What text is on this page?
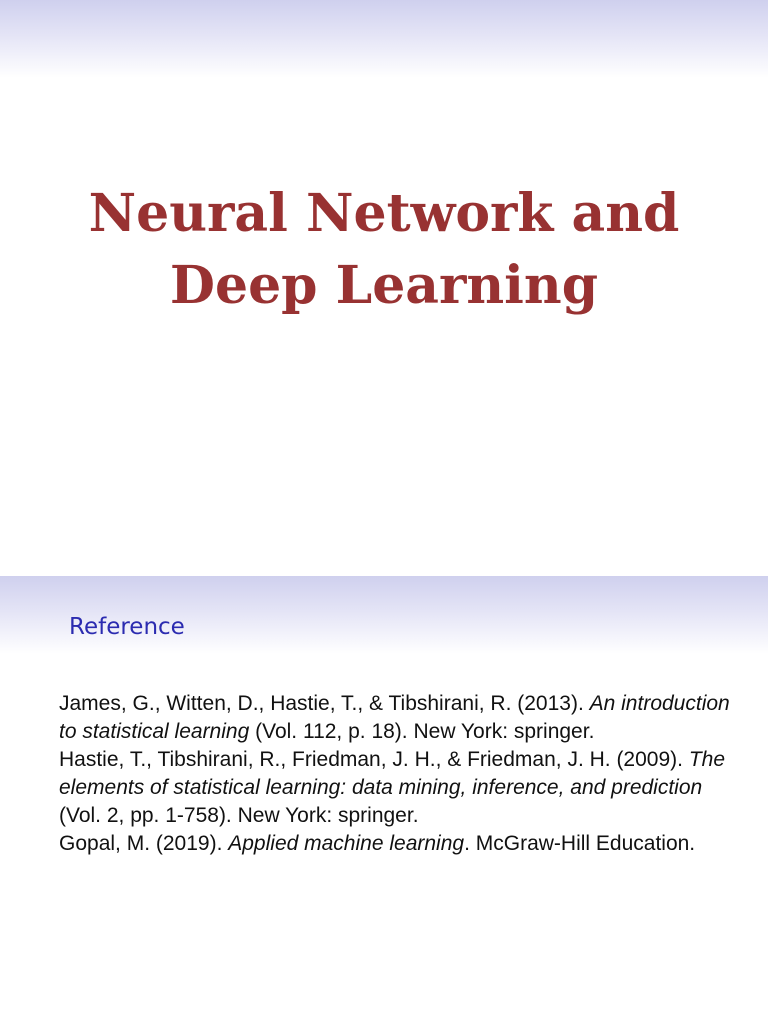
Neural Network and
Deep Learning
Reference

James, G., Witten, D., Hastie, T., & Tibshirani, R. (2013). An introduction to statistical learning (Vol. 112, p. 18). New York: springer.

Hastie, T., Tibshirani, R., Friedman, J. H., & Friedman, J. H. (2009). The elements of statistical learning: data mining, inference, and prediction (Vol. 2, pp. 1-758). New York: springer.

Gopal, M. (2019). Applied machine learning. McGraw-Hill Education.
